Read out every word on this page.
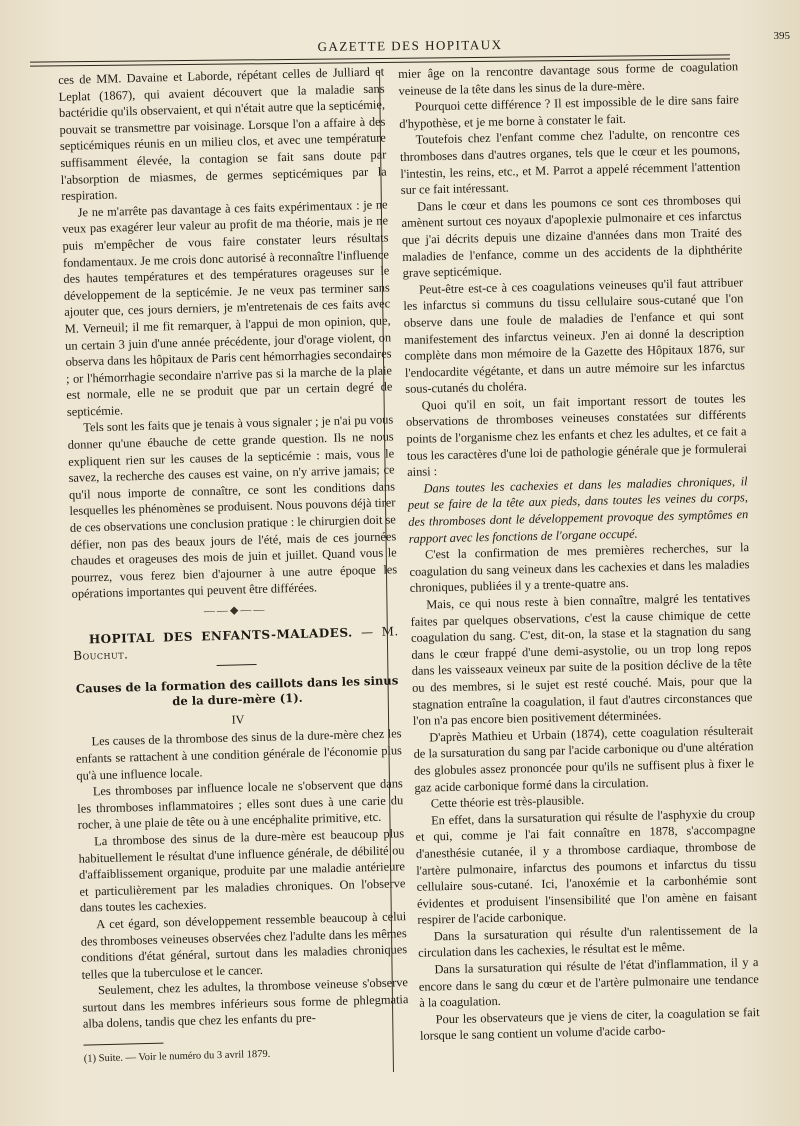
GAZETTE DES HOPITAUX
395

ces de MM. Davaine et Laborde, répétant celles de Julliard et Leplat (1867), qui avaient découvert que la maladie sans bactéridie qu'ils observaient, et qui n'était autre que la septicémie, pouvait se transmettre par voisinage. Lorsque l'on a affaire à des septicémiques réunis en un milieu clos, et avec une température suffisamment élevée, la contagion se fait sans doute par l'absorption de miasmes, de germes septicémiques par la respiration.

Je ne m'arrête pas davantage à ces faits expérimentaux : je ne veux pas exagérer leur valeur au profit de ma théorie, mais je ne puis m'empêcher de vous faire constater leurs résultats fondamentaux. Je me crois donc autorisé à reconnaître l'influence des hautes températures et des températures orageuses sur le développement de la septicémie. Je ne veux pas terminer sans ajouter que, ces jours derniers, je m'entretenais de ces faits avec M. Verneuil; il me fit remarquer, à l'appui de mon opinion, que, un certain 3 juin d'une année précédente, jour d'orage violent, on observa dans les hôpitaux de Paris cent hémorrhagies secondaires ; or l'hémorrhagie secondaire n'arrive pas si la marche de la plaie est normale, elle ne se produit que par un certain degré de septicémie.

Tels sont les faits que je tenais à vous signaler ; je n'ai pu vous donner qu'une ébauche de cette grande question. Ils ne nous expliquent rien sur les causes de la septicémie : mais, vous le savez, la recherche des causes est vaine, on n'y arrive jamais; ce qu'il nous importe de connaître, ce sont les conditions dans lesquelles les phénomènes se produisent. Nous pouvons déjà tirer de ces observations une conclusion pratique : le chirurgien doit se défier, non pas des beaux jours de l'été, mais de ces journées chaudes et orageuses des mois de juin et juillet. Quand vous le pourrez, vous ferez bien d'ajourner à une autre époque les opérations importantes qui peuvent être différées.

——◆——

HOPITAL DES ENFANTS-MALADES. — M. Bouchut.

Causes de la formation des caillots dans les sinus de la dure-mère (1).
IV

Les causes de la thrombose des sinus de la dure-mère chez les enfants se rattachent à une condition générale de l'économie plus qu'à une influence locale.

Les thromboses par influence locale ne s'observent que dans les thromboses inflammatoires ; elles sont dues à une carie du rocher, à une plaie de tête ou à une encéphalite primitive, etc.

La thrombose des sinus de la dure-mère est beaucoup plus habituellement le résultat d'une influence générale, de débilité ou d'affaiblissement organique, produite par une maladie antérieure et particulièrement par les maladies chroniques. On l'observe dans toutes les cachexies.

A cet égard, son développement ressemble beaucoup à celui des thromboses veineuses observées chez l'adulte dans les mêmes conditions d'état général, surtout dans les maladies chroniques telles que la tuberculose et le cancer.

Seulement, chez les adultes, la thrombose veineuse s'observe surtout dans les membres inférieurs sous forme de phlegmatia alba dolens, tandis que chez les enfants du pre-

(1) Suite. — Voir le numéro du 3 avril 1879.

mier âge on la rencontre davantage sous forme de coagulation veineuse de la tête dans les sinus de la dure-mère.

Pourquoi cette différence ? Il est impossible de le dire sans faire d'hypothèse, et je me borne à constater le fait.

Toutefois chez l'enfant comme chez l'adulte, on rencontre ces thromboses dans d'autres organes, tels que le cœur et les poumons, l'intestin, les reins, etc., et M. Parrot a appelé récemment l'attention sur ce fait intéressant.

Dans le cœur et dans les poumons ce sont ces thromboses qui amènent surtout ces noyaux d'apoplexie pulmonaire et ces infarctus que j'ai décrits depuis une dizaine d'années dans mon Traité des maladies de l'enfance, comme un des accidents de la diphthérite grave septicémique.

Peut-être est-ce à ces coagulations veineuses qu'il faut attribuer les infarctus si communs du tissu cellulaire sous-cutané que l'on observe dans une foule de maladies de l'enfance et qui sont manifestement des infarctus veineux. J'en ai donné la description complète dans mon mémoire de la Gazette des Hôpitaux 1876, sur l'endocardite végétante, et dans un autre mémoire sur les infarctus sous-cutanés du choléra.

Quoi qu'il en soit, un fait important ressort de toutes les observations de thromboses veineuses constatées sur différents points de l'organisme chez les enfants et chez les adultes, et ce fait a tous les caractères d'une loi de pathologie générale que je formulerai ainsi :

Dans toutes les cachexies et dans les maladies chroniques, il peut se faire de la tête aux pieds, dans toutes les veines du corps, des thromboses dont le développement provoque des symptômes en rapport avec les fonctions de l'organe occupé.

C'est la confirmation de mes premières recherches, sur la coagulation du sang veineux dans les cachexies et dans les maladies chroniques, publiées il y a trente-quatre ans.

Mais, ce qui nous reste à bien connaître, malgré les tentatives faites par quelques observations, c'est la cause chimique de cette coagulation du sang. C'est, dit-on, la stase et la stagnation du sang dans le cœur frappé d'une demi-asystolie, ou un trop long repos dans les vaisseaux veineux par suite de la position déclive de la tête ou des membres, si le sujet est resté couché. Mais, pour que la stagnation entraîne la coagulation, il faut d'autres circonstances que l'on n'a pas encore bien positivement déterminées.

D'après Mathieu et Urbain (1874), cette coagulation résulterait de la sursaturation du sang par l'acide carbonique ou d'une altération des globules assez prononcée pour qu'ils ne suffisent plus à fixer le gaz acide carbonique formé dans la circulation.

Cette théorie est très-plausible.

En effet, dans la sursaturation qui résulte de l'asphyxie du croup et qui, comme je l'ai fait connaître en 1878, s'accompagne d'anesthésie cutanée, il y a thrombose cardiaque, thrombose de l'artère pulmonaire, infarctus des poumons et infarctus du tissu cellulaire sous-cutané. Ici, l'anoxémie et la carbonhémie sont évidentes et produisent l'insensibilité que l'on amène en faisant respirer de l'acide carbonique.

Dans la sursaturation qui résulte d'un ralentissement de la circulation dans les cachexies, le résultat est le même.

Dans la sursaturation qui résulte de l'état d'inflammation, il y a encore dans le sang du cœur et de l'artère pulmonaire une tendance à la coagulation.

Pour les observateurs que je viens de citer, la coagulation se fait lorsque le sang contient un volume d'acide carbo-
